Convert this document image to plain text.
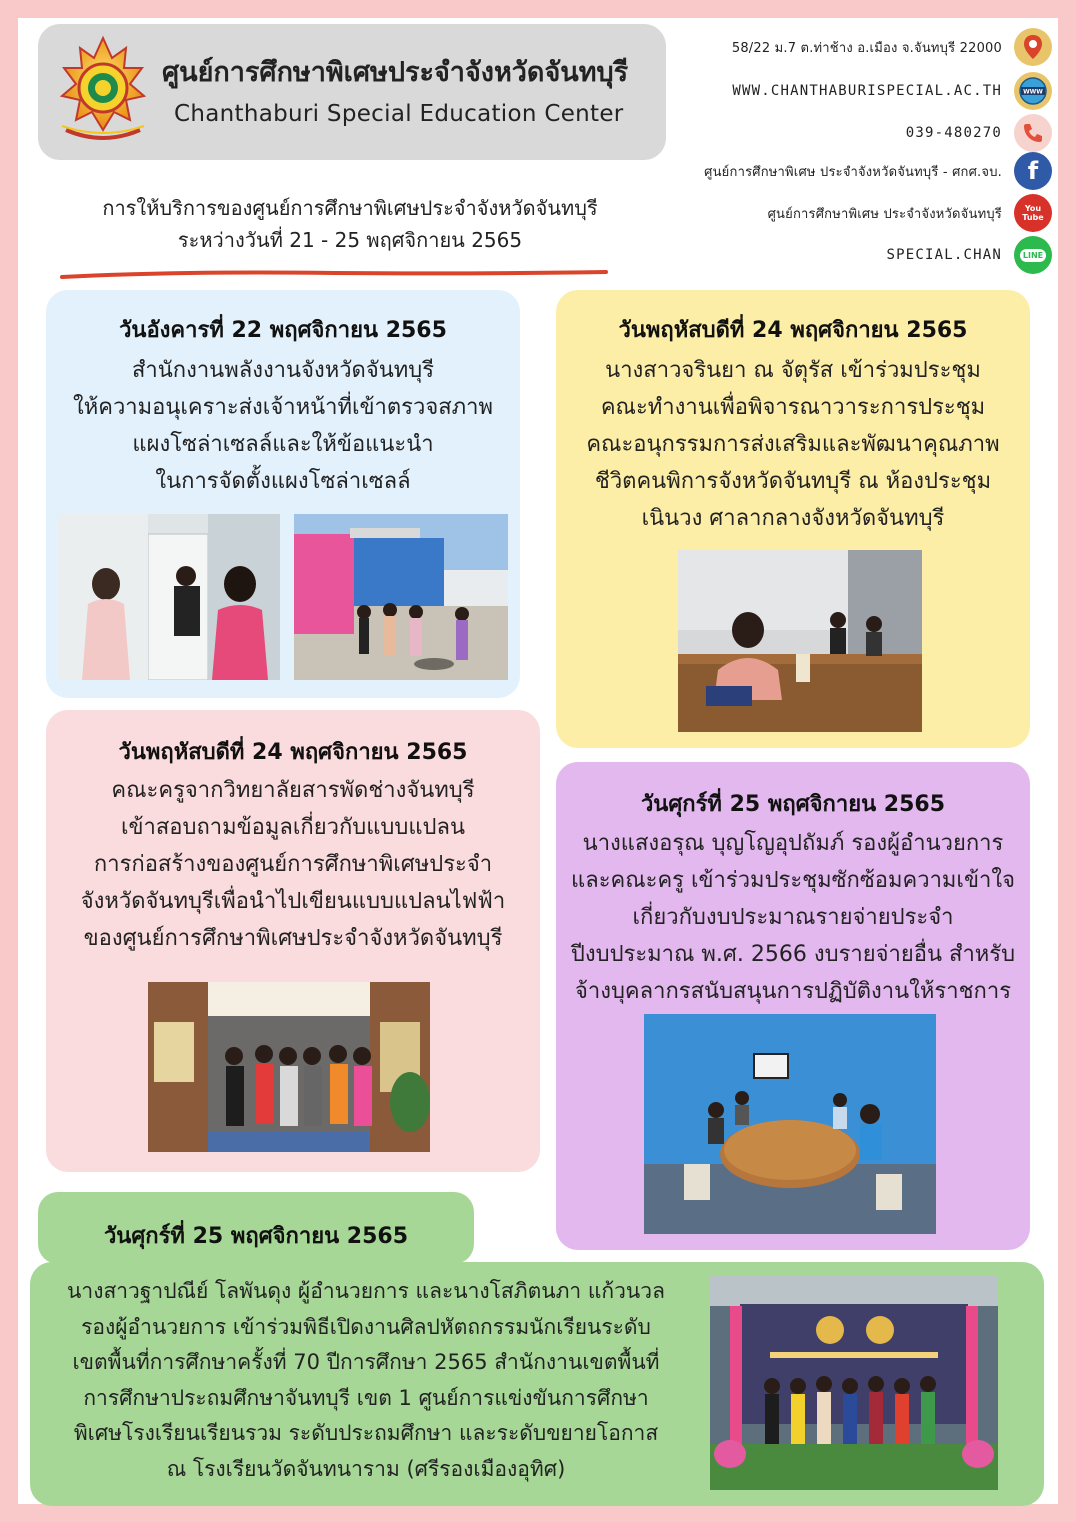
ศูนย์การศึกษาพิเศษประจำจังหวัดจันทบุรี
Chanthaburi Special Education Center
การให้บริการของศูนย์การศึกษาพิเศษประจำจังหวัดจันทบุรี
ระหว่างวันที่ 21 - 25 พฤศจิกายน 2565
58/22 ม.7 ต.ท่าช้าง อ.เมือง จ.จันทบุรี 22000
WWW.CHANTHABURISPECIAL.AC.TH	WWW
039-480270
ศูนย์การศึกษาพิเศษ ประจำจังหวัดจันทบุรี - ศกศ.จบ.	f
ศูนย์การศึกษาพิเศษ ประจำจังหวัดจันทบุรี	You Tube
SPECIAL.CHAN	LINE
วันอังคารที่ 22 พฤศจิกายน 2565
สำนักงานพลังงานจังหวัดจันทบุรี
ให้ความอนุเคราะส่งเจ้าหน้าที่เข้าตรวจสภาพ
แผงโซล่าเซลล์และให้ข้อแนะนำ
ในการจัดตั้งแผงโซล่าเซลล์
วันพฤหัสบดีที่ 24 พฤศจิกายน 2565
นางสาวจรินยา ณ จัตุรัส เข้าร่วมประชุม
คณะทำงานเพื่อพิจารณาวาระการประชุม
คณะอนุกรรมการส่งเสริมและพัฒนาคุณภาพ
ชีวิตคนพิการจังหวัดจันทบุรี ณ ห้องประชุม
เนินวง ศาลากลางจังหวัดจันทบุรี
วันพฤหัสบดีที่ 24 พฤศจิกายน 2565
คณะครูจากวิทยาลัยสารพัดช่างจันทบุรี
เข้าสอบถามข้อมูลเกี่ยวกับแบบแปลน
การก่อสร้างของศูนย์การศึกษาพิเศษประจำ
จังหวัดจันทบุรีเพื่อนำไปเขียนแบบแปลนไฟฟ้า
ของศูนย์การศึกษาพิเศษประจำจังหวัดจันทบุรี
วันศุกร์ที่ 25 พฤศจิกายน 2565
นางแสงอรุณ บุญโญอุปถัมภ์ รองผู้อำนวยการ
และคณะครู เข้าร่วมประชุมซักซ้อมความเข้าใจ
เกี่ยวกับงบประมาณรายจ่ายประจำ
ปีงบประมาณ พ.ศ. 2566 งบรายจ่ายอื่น สำหรับ
จ้างบุคลากรสนับสนุนการปฏิบัติงานให้ราชการ
วันศุกร์ที่ 25 พฤศจิกายน 2565
นางสาวฐาปณีย์ โลพันดุง ผู้อำนวยการ และนางโสภิตนภา แก้วนวล
รองผู้อำนวยการ เข้าร่วมพิธีเปิดงานศิลปหัตถกรรมนักเรียนระดับ
เขตพื้นที่การศึกษาครั้งที่ 70 ปีการศึกษา 2565 สำนักงานเขตพื้นที่
การศึกษาประถมศึกษาจันทบุรี เขต 1 ศูนย์การแข่งขันการศึกษา
พิเศษโรงเรียนเรียนรวม ระดับประถมศึกษา และระดับขยายโอกาส
ณ โรงเรียนวัดจันทนาราม (ศรีรองเมืองอุทิศ)
